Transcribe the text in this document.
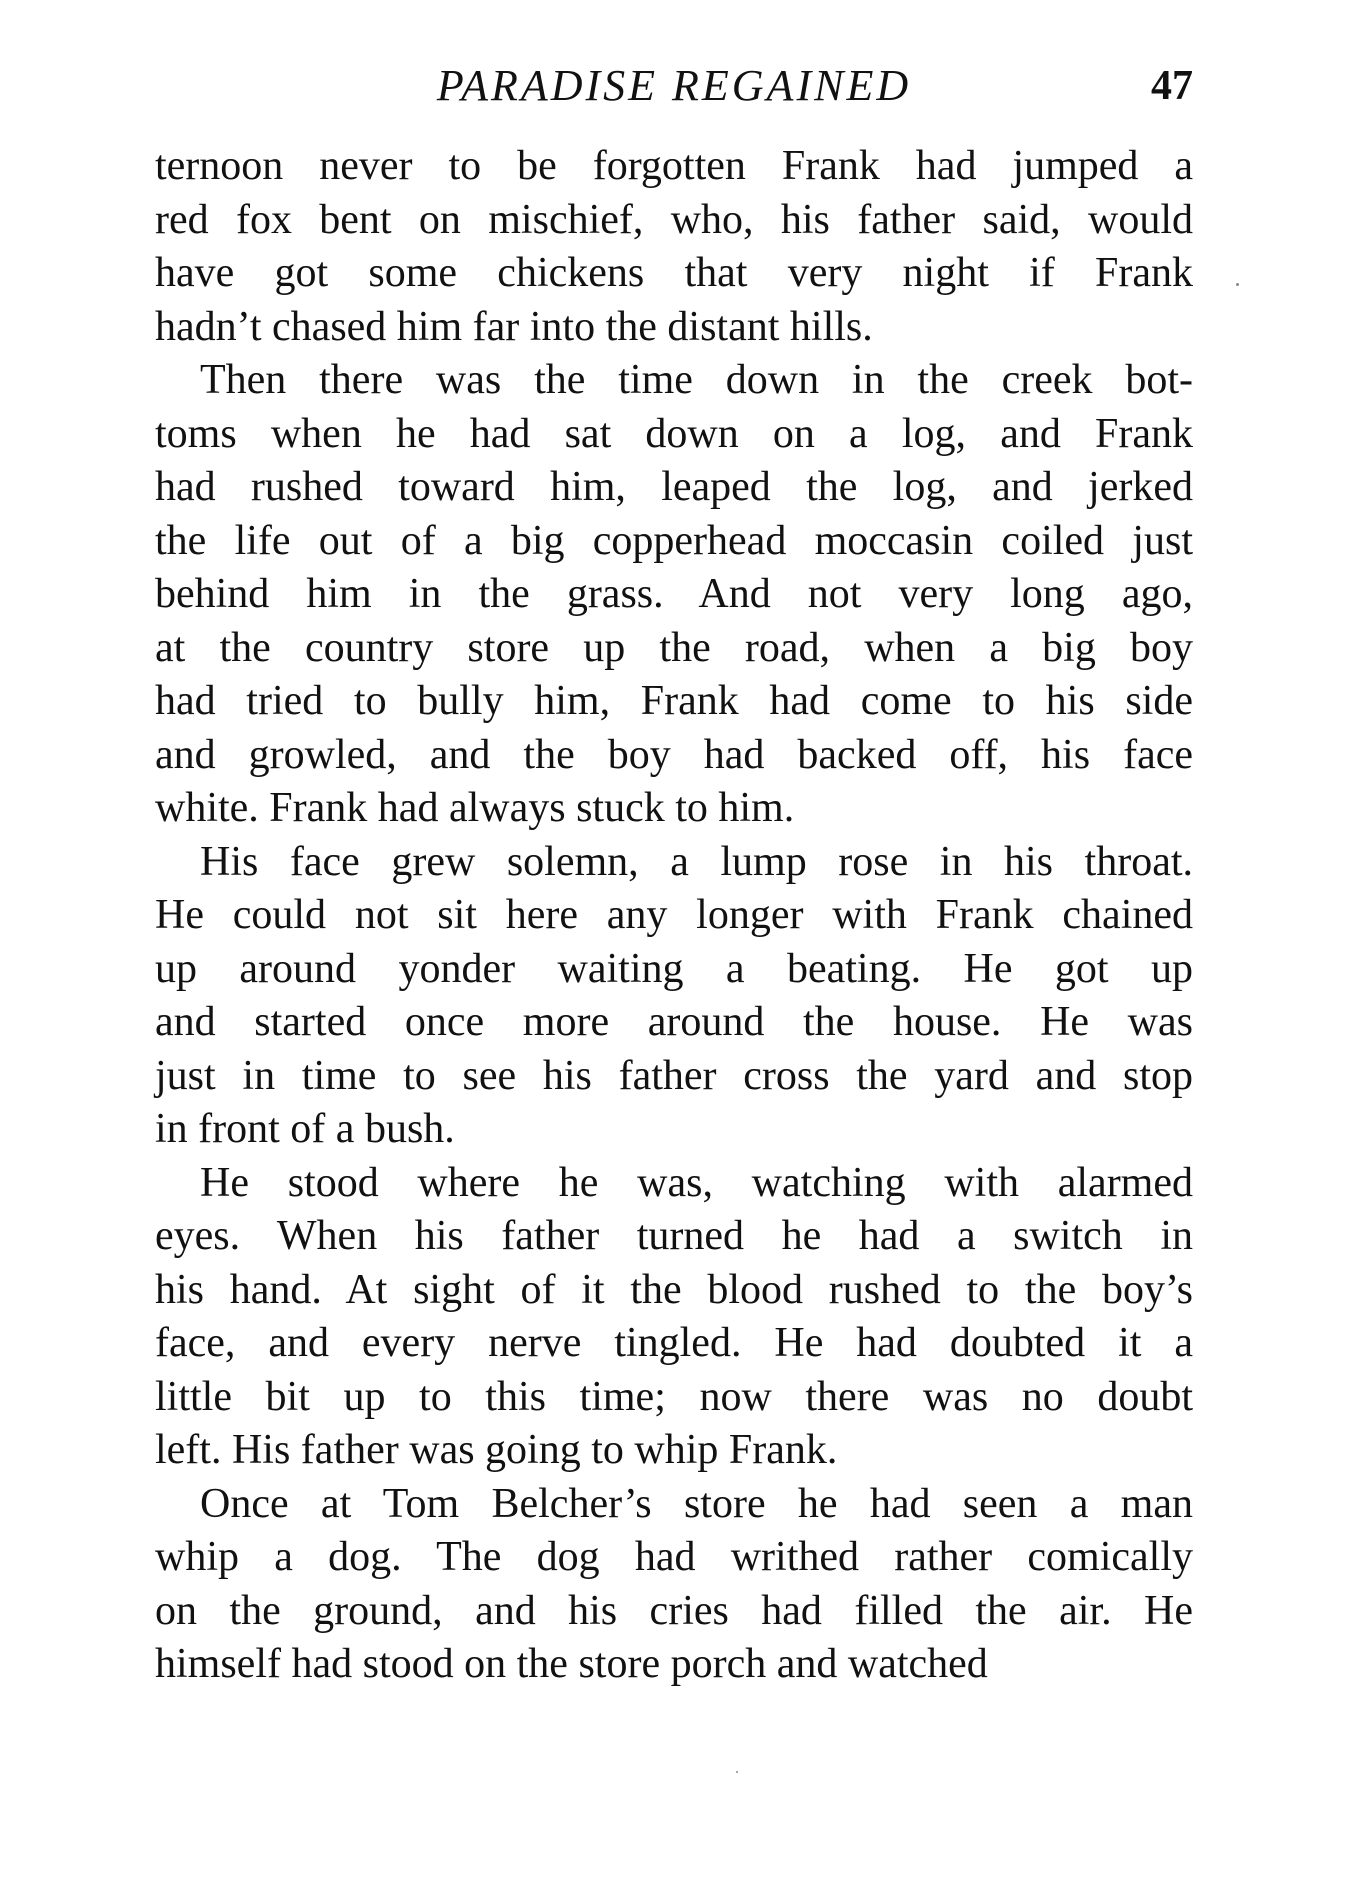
PARADISE REGAINED	47

ternoon never to be forgotten Frank had jumped a
red fox bent on mischief, who, his father said, would
have got some chickens that very night if Frank
hadn’t chased him far into the distant hills.

Then there was the time down in the creek bot-
toms when he had sat down on a log, and Frank
had rushed toward him, leaped the log, and jerked
the life out of a big copperhead moccasin coiled just
behind him in the grass. And not very long ago,
at the country store up the road, when a big boy
had tried to bully him, Frank had come to his side
and growled, and the boy had backed off, his face
white. Frank had always stuck to him.

His face grew solemn, a lump rose in his throat.
He could not sit here any longer with Frank chained
up around yonder waiting a beating. He got up
and started once more around the house. He was
just in time to see his father cross the yard and stop
in front of a bush.

He stood where he was, watching with alarmed
eyes. When his father turned he had a switch in
his hand. At sight of it the blood rushed to the boy’s
face, and every nerve tingled. He had doubted it a
little bit up to this time; now there was no doubt
left. His father was going to whip Frank.

Once at Tom Belcher’s store he had seen a man
whip a dog. The dog had writhed rather comically
on the ground, and his cries had filled the air. He
himself had stood on the store porch and watched
